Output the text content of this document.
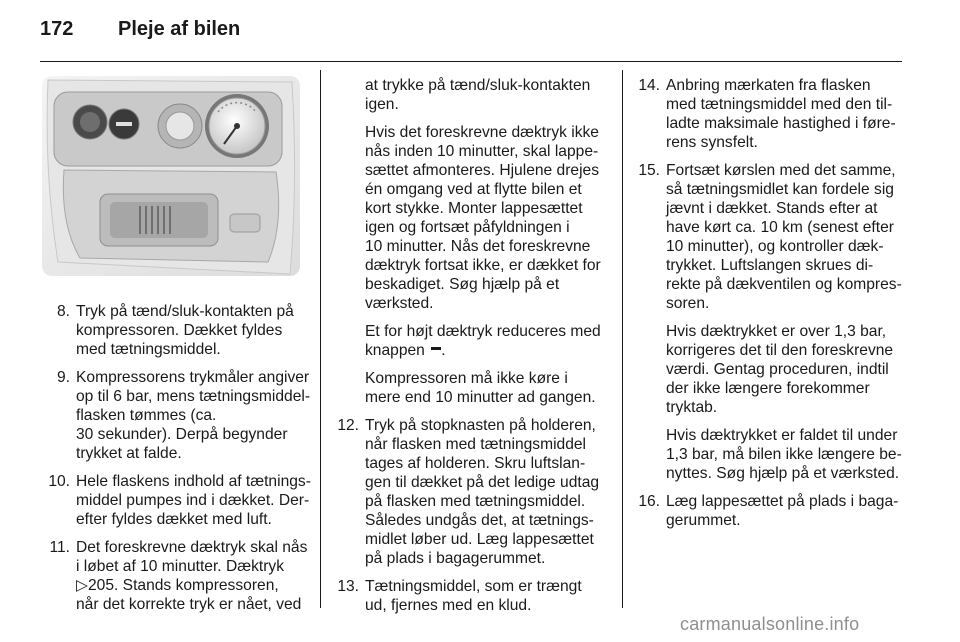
172	Pleje af bilen
8. Tryk på tænd/sluk-kontakten på
kompressoren. Dækket fyldes
med tætningsmiddel.
9. Kompressorens trykmåler angiver
op til 6 bar, mens tætningsmiddel-
flasken tømmes (ca.
30 sekunder). Derpå begynder
trykket at falde.
10. Hele flaskens indhold af tætnings-
middel pumpes ind i dækket. Der-
efter fyldes dækket med luft.
11. Det foreskrevne dæktryk skal nås
i løbet af 10 minutter. Dæktryk
▷205. Stands kompressoren,
når det korrekte tryk er nået, ved
at trykke på tænd/sluk-kontakten
igen.
Hvis det foreskrevne dæktryk ikke
nås inden 10 minutter, skal lappe-
sættet afmonteres. Hjulene drejes
én omgang ved at flytte bilen et
kort stykke. Monter lappesættet
igen og fortsæt påfyldningen i
10 minutter. Nås det foreskrevne
dæktryk fortsat ikke, er dækket for
beskadiget. Søg hjælp på et
værksted.
Et for højt dæktryk reduceres med
knappen .
Kompressoren må ikke køre i
mere end 10 minutter ad gangen.
12. Tryk på stopknasten på holderen,
når flasken med tætningsmiddel
tages af holderen. Skru luftslan-
gen til dækket på det ledige udtag
på flasken med tætningsmiddel.
Således undgås det, at tætnings-
midlet løber ud. Læg lappesættet
på plads i bagagerummet.
13. Tætningsmiddel, som er trængt
ud, fjernes med en klud.
14. Anbring mærkaten fra flasken
med tætningsmiddel med den til-
ladte maksimale hastighed i føre-
rens synsfelt.
15. Fortsæt kørslen med det samme,
så tætningsmidlet kan fordele sig
jævnt i dækket. Stands efter at
have kørt ca. 10 km (senest efter
10 minutter), og kontroller dæk-
trykket. Luftslangen skrues di-
rekte på dækventilen og kompres-
soren.
Hvis dæktrykket er over 1,3 bar,
korrigeres det til den foreskrevne
værdi. Gentag proceduren, indtil
der ikke længere forekommer
tryktab.
Hvis dæktrykket er faldet til under
1,3 bar, må bilen ikke længere be-
nyttes. Søg hjælp på et værksted.
16. Læg lappesættet på plads i baga-
gerummet.
carmanualsonline.info
